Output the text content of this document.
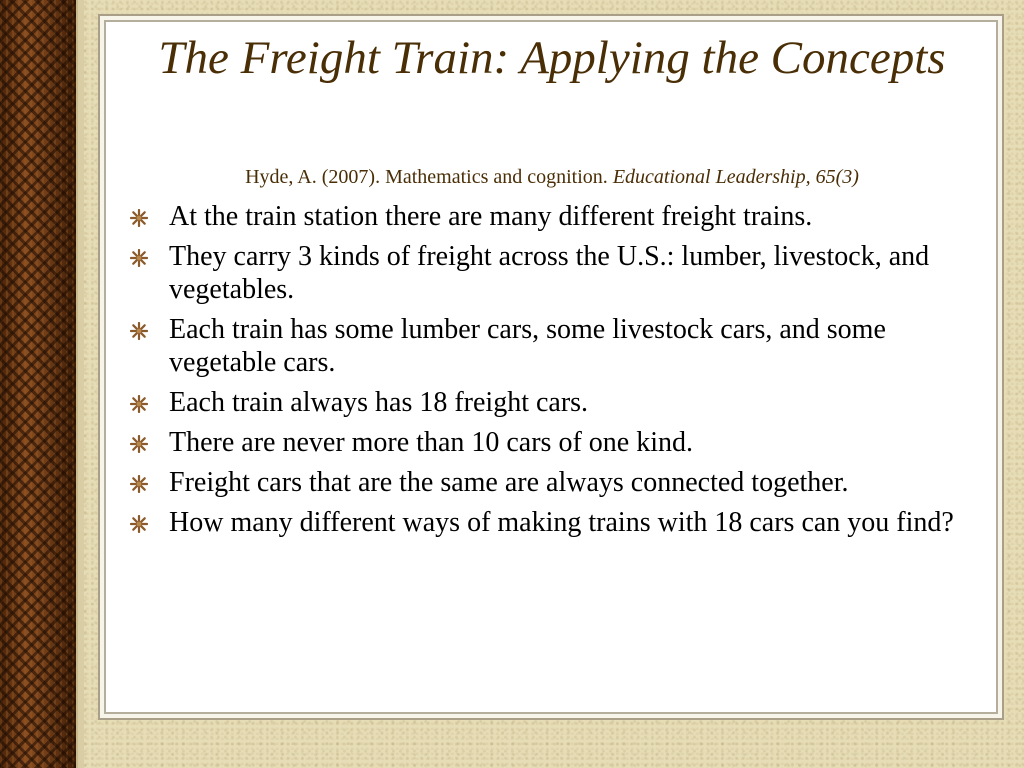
The Freight Train: Applying the Concepts
Hyde, A. (2007). Mathematics and cognition. Educational Leadership, 65(3)
At the train station there are many different freight trains.
They carry 3 kinds of freight across the U.S.: lumber, livestock, and vegetables.
Each train has some lumber cars, some livestock cars, and some vegetable cars.
Each train always has 18 freight cars.
There are never more than 10 cars of one kind.
Freight cars that are the same are always connected together.
How many different ways of making trains with 18 cars can you find?
